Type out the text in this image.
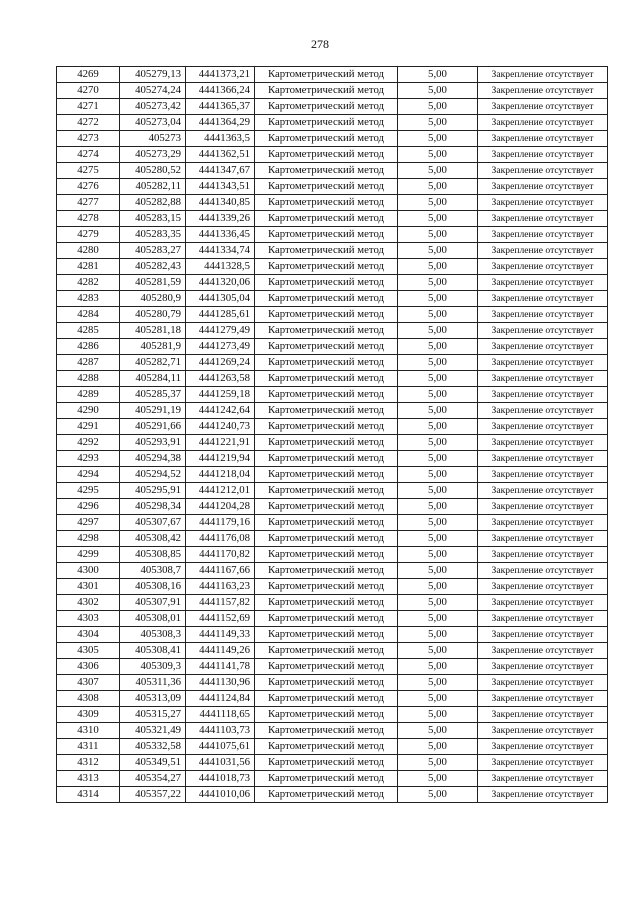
278
4269	405279,13	4441373,21	Картометрический метод	5,00	Закрепление отсутствует
4270	405274,24	4441366,24	Картометрический метод	5,00	Закрепление отсутствует
4271	405273,42	4441365,37	Картометрический метод	5,00	Закрепление отсутствует
4272	405273,04	4441364,29	Картометрический метод	5,00	Закрепление отсутствует
4273	405273	4441363,5	Картометрический метод	5,00	Закрепление отсутствует
4274	405273,29	4441362,51	Картометрический метод	5,00	Закрепление отсутствует
4275	405280,52	4441347,67	Картометрический метод	5,00	Закрепление отсутствует
4276	405282,11	4441343,51	Картометрический метод	5,00	Закрепление отсутствует
4277	405282,88	4441340,85	Картометрический метод	5,00	Закрепление отсутствует
4278	405283,15	4441339,26	Картометрический метод	5,00	Закрепление отсутствует
4279	405283,35	4441336,45	Картометрический метод	5,00	Закрепление отсутствует
4280	405283,27	4441334,74	Картометрический метод	5,00	Закрепление отсутствует
4281	405282,43	4441328,5	Картометрический метод	5,00	Закрепление отсутствует
4282	405281,59	4441320,06	Картометрический метод	5,00	Закрепление отсутствует
4283	405280,9	4441305,04	Картометрический метод	5,00	Закрепление отсутствует
4284	405280,79	4441285,61	Картометрический метод	5,00	Закрепление отсутствует
4285	405281,18	4441279,49	Картометрический метод	5,00	Закрепление отсутствует
4286	405281,9	4441273,49	Картометрический метод	5,00	Закрепление отсутствует
4287	405282,71	4441269,24	Картометрический метод	5,00	Закрепление отсутствует
4288	405284,11	4441263,58	Картометрический метод	5,00	Закрепление отсутствует
4289	405285,37	4441259,18	Картометрический метод	5,00	Закрепление отсутствует
4290	405291,19	4441242,64	Картометрический метод	5,00	Закрепление отсутствует
4291	405291,66	4441240,73	Картометрический метод	5,00	Закрепление отсутствует
4292	405293,91	4441221,91	Картометрический метод	5,00	Закрепление отсутствует
4293	405294,38	4441219,94	Картометрический метод	5,00	Закрепление отсутствует
4294	405294,52	4441218,04	Картометрический метод	5,00	Закрепление отсутствует
4295	405295,91	4441212,01	Картометрический метод	5,00	Закрепление отсутствует
4296	405298,34	4441204,28	Картометрический метод	5,00	Закрепление отсутствует
4297	405307,67	4441179,16	Картометрический метод	5,00	Закрепление отсутствует
4298	405308,42	4441176,08	Картометрический метод	5,00	Закрепление отсутствует
4299	405308,85	4441170,82	Картометрический метод	5,00	Закрепление отсутствует
4300	405308,7	4441167,66	Картометрический метод	5,00	Закрепление отсутствует
4301	405308,16	4441163,23	Картометрический метод	5,00	Закрепление отсутствует
4302	405307,91	4441157,82	Картометрический метод	5,00	Закрепление отсутствует
4303	405308,01	4441152,69	Картометрический метод	5,00	Закрепление отсутствует
4304	405308,3	4441149,33	Картометрический метод	5,00	Закрепление отсутствует
4305	405308,41	4441149,26	Картометрический метод	5,00	Закрепление отсутствует
4306	405309,3	4441141,78	Картометрический метод	5,00	Закрепление отсутствует
4307	405311,36	4441130,96	Картометрический метод	5,00	Закрепление отсутствует
4308	405313,09	4441124,84	Картометрический метод	5,00	Закрепление отсутствует
4309	405315,27	4441118,65	Картометрический метод	5,00	Закрепление отсутствует
4310	405321,49	4441103,73	Картометрический метод	5,00	Закрепление отсутствует
4311	405332,58	4441075,61	Картометрический метод	5,00	Закрепление отсутствует
4312	405349,51	4441031,56	Картометрический метод	5,00	Закрепление отсутствует
4313	405354,27	4441018,73	Картометрический метод	5,00	Закрепление отсутствует
4314	405357,22	4441010,06	Картометрический метод	5,00	Закрепление отсутствует
